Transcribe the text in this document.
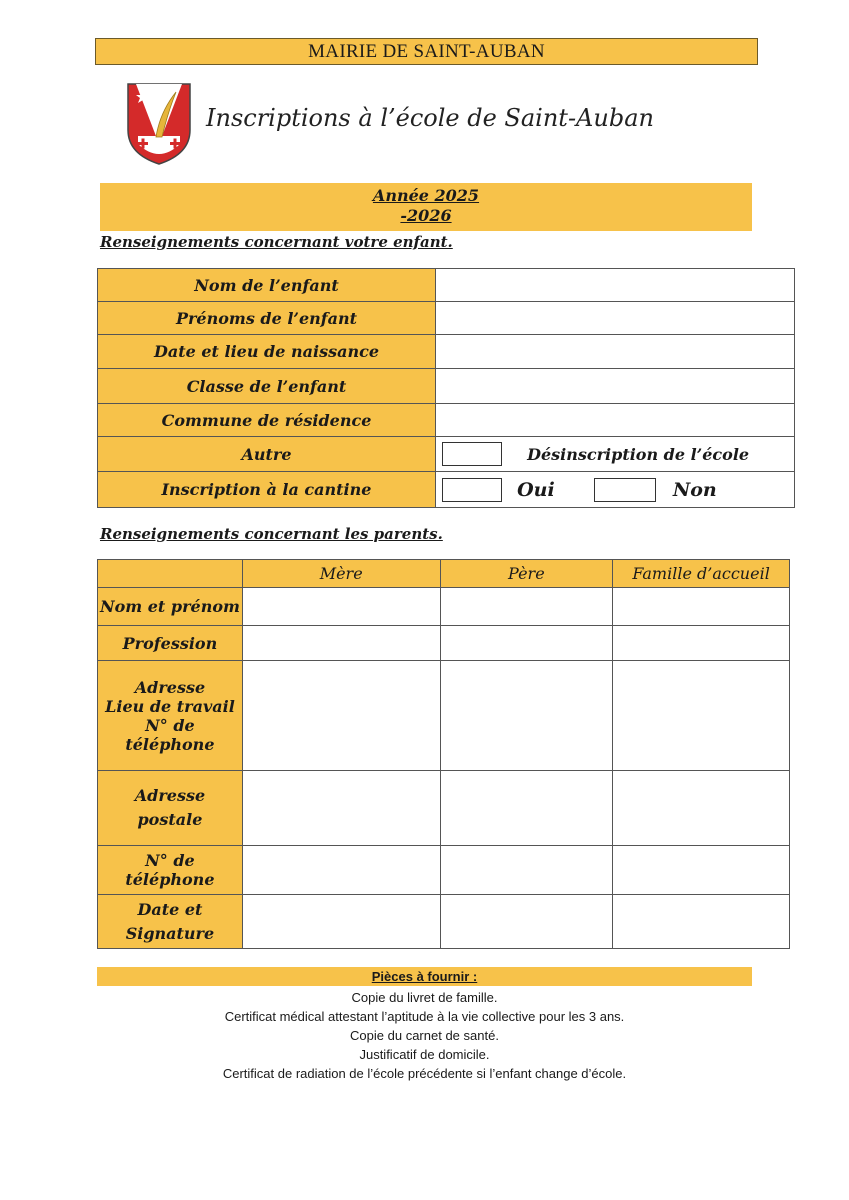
MAIRIE DE SAINT-AUBAN
Inscriptions à l’école de Saint-Auban
Année 2025
-2026
Renseignements concernant votre enfant.
Nom de l’enfant	
Prénoms de l’enfant	
Date et lieu de naissance	
Classe de l’enfant	
Commune de résidence	
Autre	Désinscription de l’école
Inscription à la cantine	Oui Non
Renseignements concernant les parents.
	Mère	Père	Famille d’accueil
Nom et prénom			
Profession			

Adresse
Lieu de travail
N° de téléphone			

Adresse
postale			

N° de téléphone			

Date et
Signature			

Pièces à fournir :
Copie du livret de famille.
Certificat médical attestant l’aptitude à la vie collective pour les 3 ans.
Copie du carnet de santé.
Justificatif de domicile.
Certificat de radiation de l’école précédente si l’enfant change d’école.
